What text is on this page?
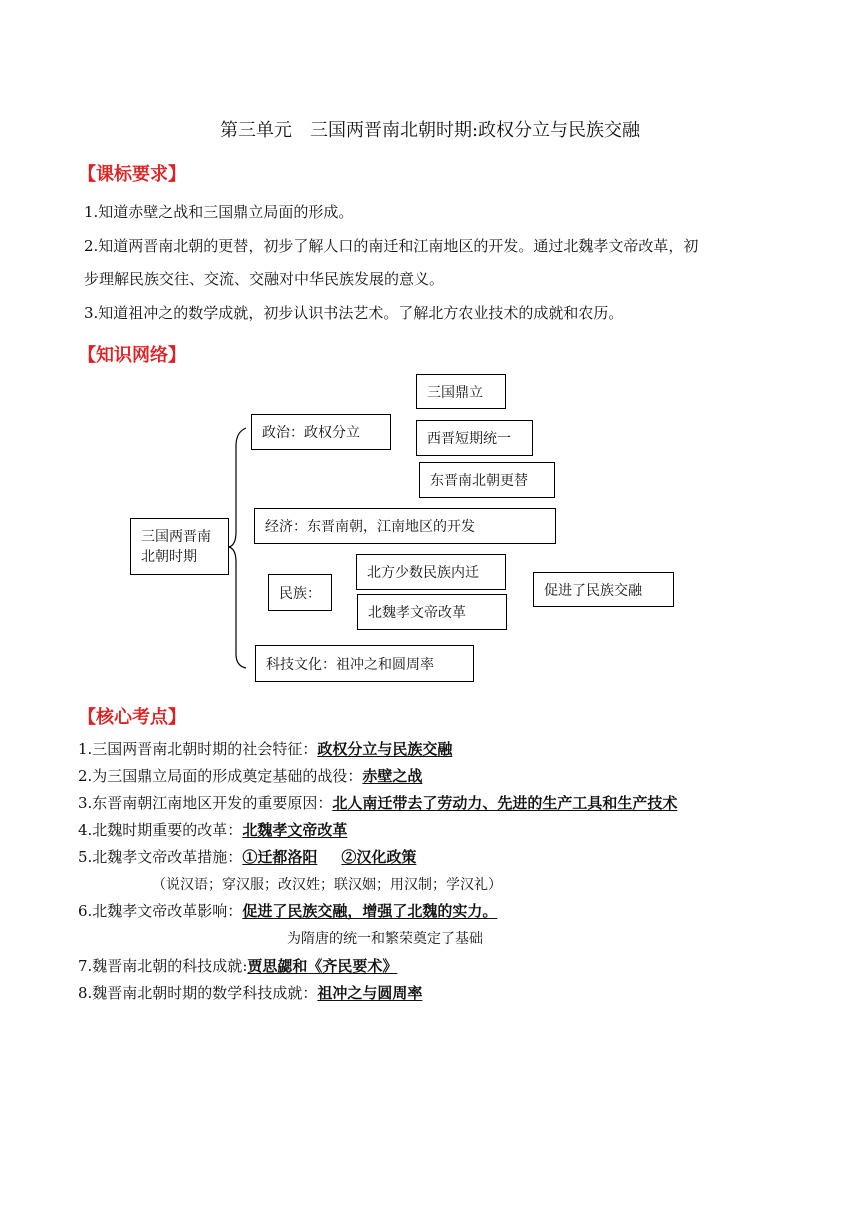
第三单元　三国两晋南北朝时期:政权分立与民族交融
【课标要求】
1.知道赤壁之战和三国鼎立局面的形成。
2.知道两晋南北朝的更替，初步了解人口的南迁和江南地区的开发。通过北魏孝文帝改革，初
步理解民族交往、交流、交融对中华民族发展的意义。
3.知道祖冲之的数学成就，初步认识书法艺术。了解北方农业技术的成就和农历。
【知识网络】
三国两晋南
北朝时期
政治：政权分立
三国鼎立
西晋短期统一
东晋南北朝更替
经济：东晋南朝，江南地区的开发
民族：
北方少数民族内迁
北魏孝文帝改革
促进了民族交融
科技文化：祖冲之和圆周率
【核心考点】
1.三国两晋南北朝时期的社会特征：政权分立与民族交融
2.为三国鼎立局面的形成奠定基础的战役：赤壁之战
3.东晋南朝江南地区开发的重要原因：北人南迁带去了劳动力、先进的生产工具和生产技术
4.北魏时期重要的改革：北魏孝文帝改革
5.北魏孝文帝改革措施：①迁都洛阳 ②汉化政策
（说汉语；穿汉服；改汉姓；联汉姻；用汉制；学汉礼）
6.北魏孝文帝改革影响：促进了民族交融，增强了北魏的实力。
为隋唐的统一和繁荣奠定了基础
7.魏晋南北朝的科技成就:贾思勰和《齐民要术》
8.魏晋南北朝时期的数学科技成就：祖冲之与圆周率
